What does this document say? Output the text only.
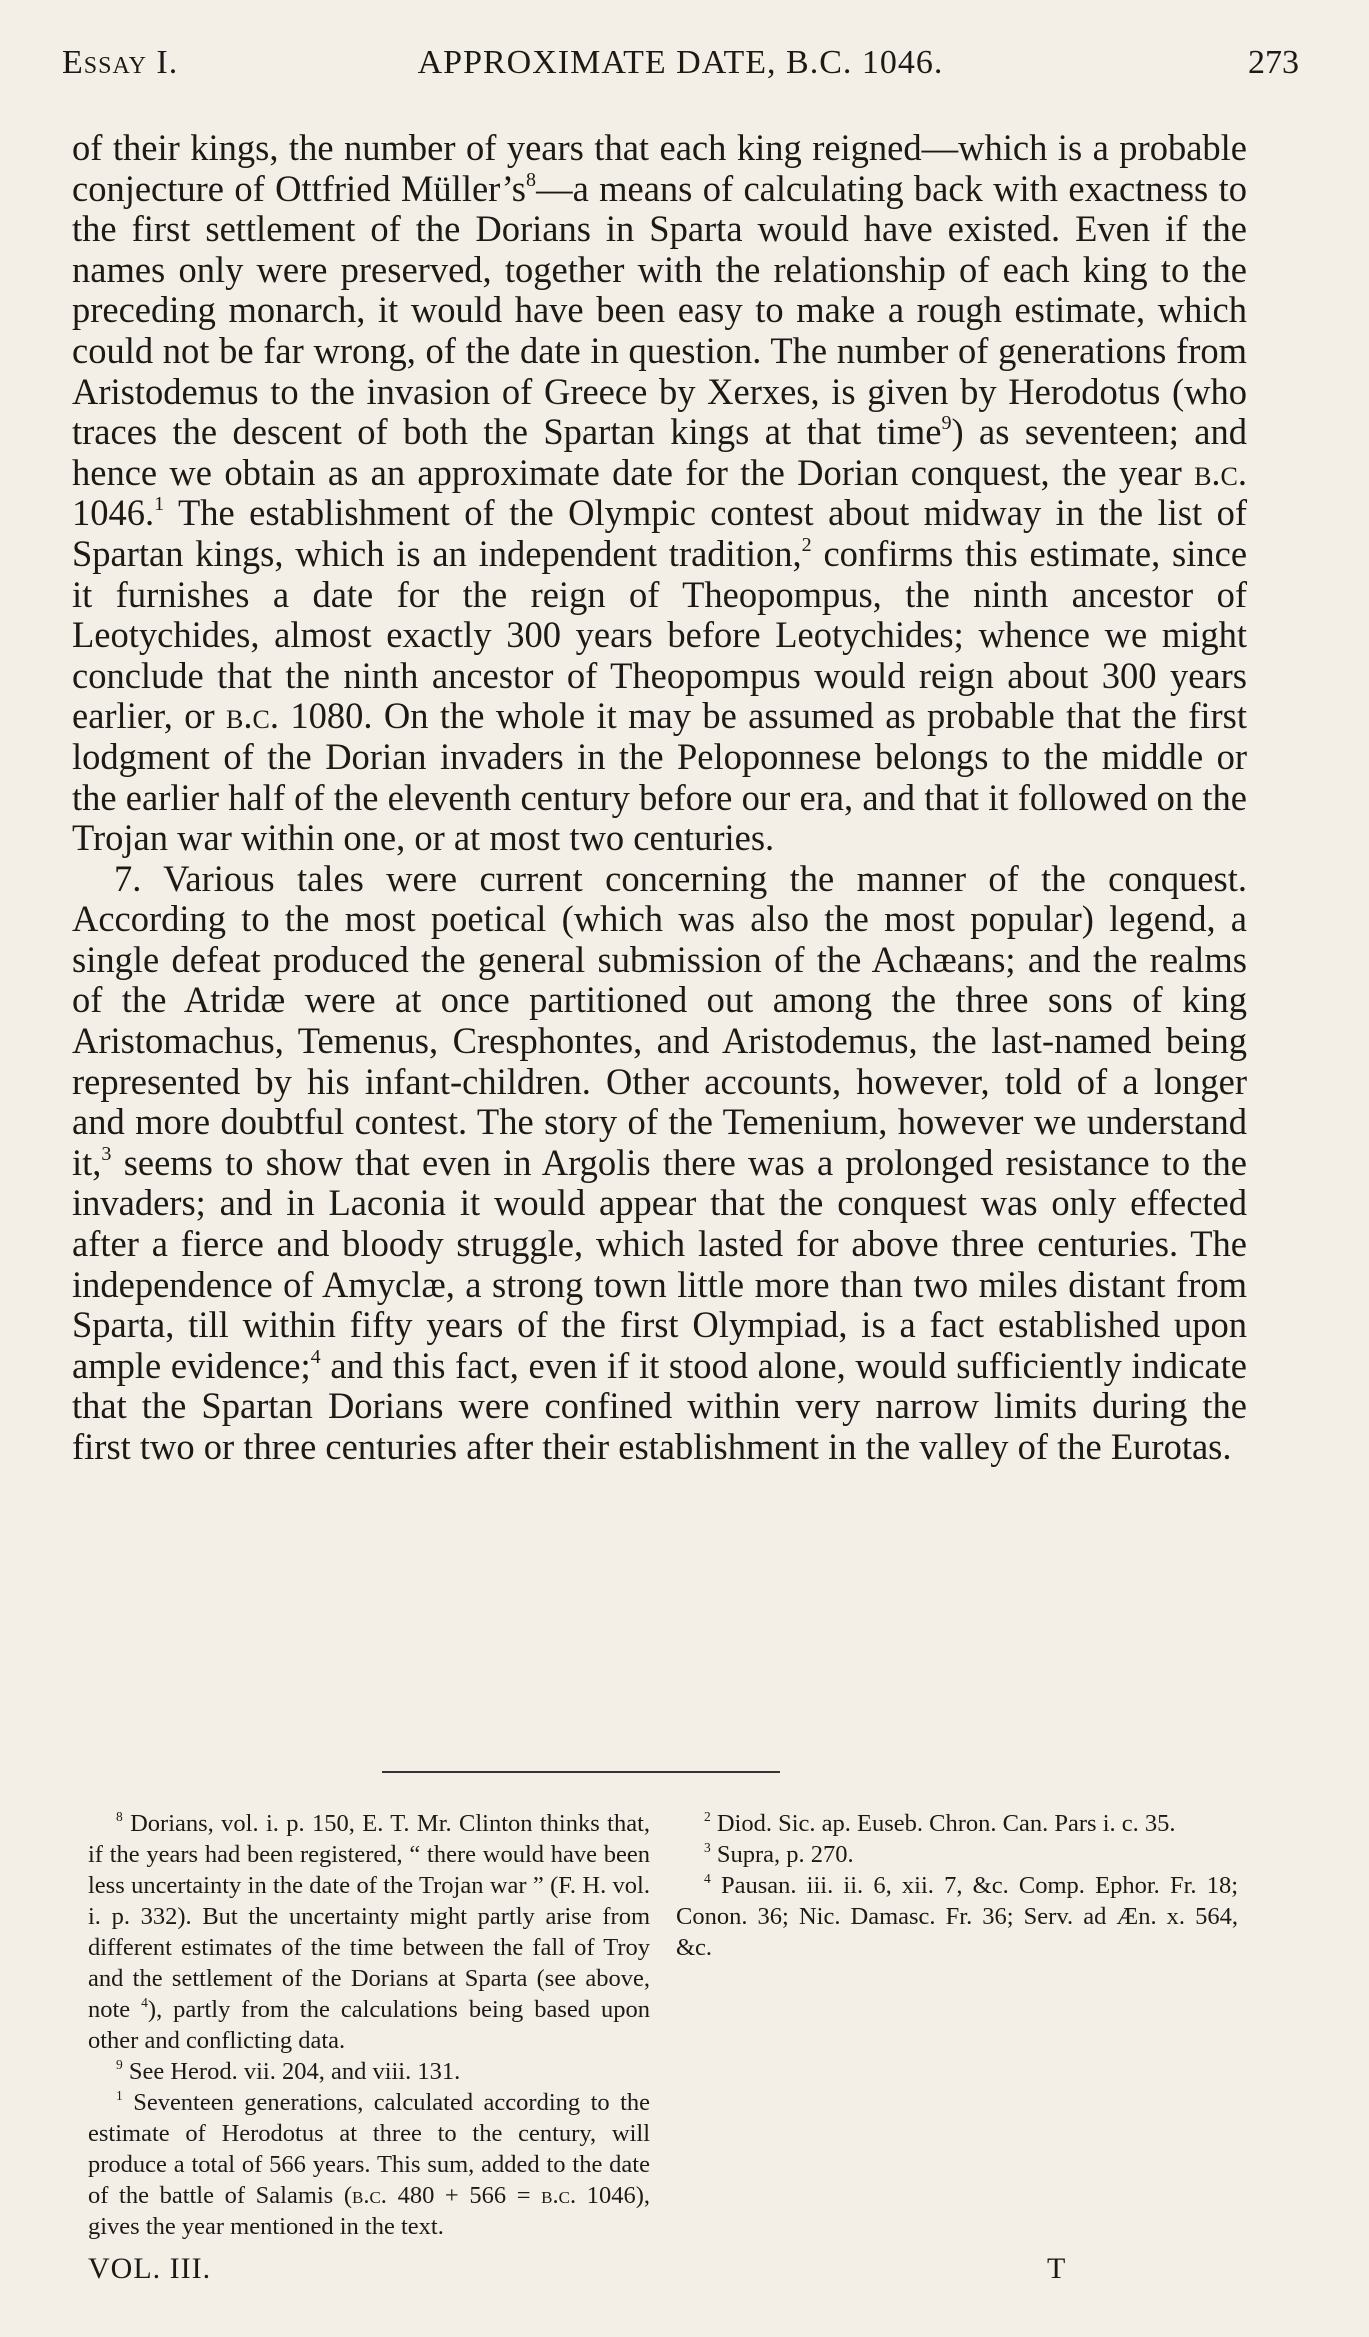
Essay I.	APPROXIMATE DATE, B.C. 1046.	273

of their kings, the number of years that each king reigned—which is a probable conjecture of Ottfried $Müller’s^8—a$ means of calculating back with exactness to the first settlement of the Dorians in Sparta would have existed. Even if the names only were preserved, together with the relationship of each king to the preceding monarch, it would have been easy to make a rough estimate, which could not be far wrong, of the date in question. The number of generations from Aristodemus to the invasion of Greece by Xerxes, is given by Herodotus (who traces the descent of both the Spartan kings at that time$^9$) as seventeen; and hence we obtain as an approximate date for the Dorian conquest, the year b.c. 1046.$^1$ The establishment of the Olympic contest about midway in the list of Spartan kings, which is an independent tradition,$^2$ confirms this estimate, since it furnishes a date for the reign of Theopompus, the ninth ancestor of Leotychides, almost exactly 300 years before Leotychides; whence we might conclude that the ninth ancestor of Theopompus would reign about 300 years earlier, or b.c. 1080. On the whole it may be assumed as probable that the first lodgment of the Dorian invaders in the Peloponnese belongs to the middle or the earlier half of the eleventh century before our era, and that it followed on the Trojan war within one, or at most two centuries.

7. Various tales were current concerning the manner of the conquest. According to the most poetical (which was also the most popular) legend, a single defeat produced the general submission of the Achæans; and the realms of the Atridæ were at once partitioned out among the three sons of king Aristomachus, Temenus, Cresphontes, and Aristodemus, the last-named being represented by his infant-children. Other accounts, however, told of a longer and more doubtful contest. The story of the Temenium, however we understand it,$^3$ seems to show that even in Argolis there was a prolonged resistance to the invaders; and in Laconia it would appear that the conquest was only effected after a fierce and bloody struggle, which lasted for above three centuries. The independence of Amyclæ, a strong town little more than two miles distant from Sparta, till within fifty years of the first Olympiad, is a fact established upon ample evidence;$^4$ and this fact, even if it stood alone, would sufficiently indicate that the Spartan Dorians were confined within very narrow limits during the first two or three centuries after their establishment in the valley of the Eurotas.

$^8$ Dorians, vol. i. p. 150, E. T. Mr. Clinton thinks that, if the years had been registered, “ there would have been less uncertainty in the date of the Trojan war ” (F. H. vol. i. p. 332). But the uncertainty might partly arise from different estimates of the time between the fall of Troy and the settlement of the Dorians at Sparta (see above, note $^4$), partly from the calculations being based upon other and conflicting data.

$^9$ See Herod. vii. 204, and viii. 131.

$^1$ Seventeen generations, calculated according to the estimate of Herodotus at three to the century, will produce a total of 566 years. This sum, added to the date of the battle of Salamis (b.c. 480 + 566 = b.c. 1046), gives the year mentioned in the text.

$^2$ Diod. Sic. ap. Euseb. Chron. Can. Pars i. c. 35.

$^3$ Supra, p. 270.

$^4$ Pausan. iii. ii. 6, xii. 7, &c. Comp. Ephor. Fr. 18; Conon. 36; Nic. Damasc. Fr. 36; Serv. ad Æn. x. 564, &c.

VOL. III.	T
